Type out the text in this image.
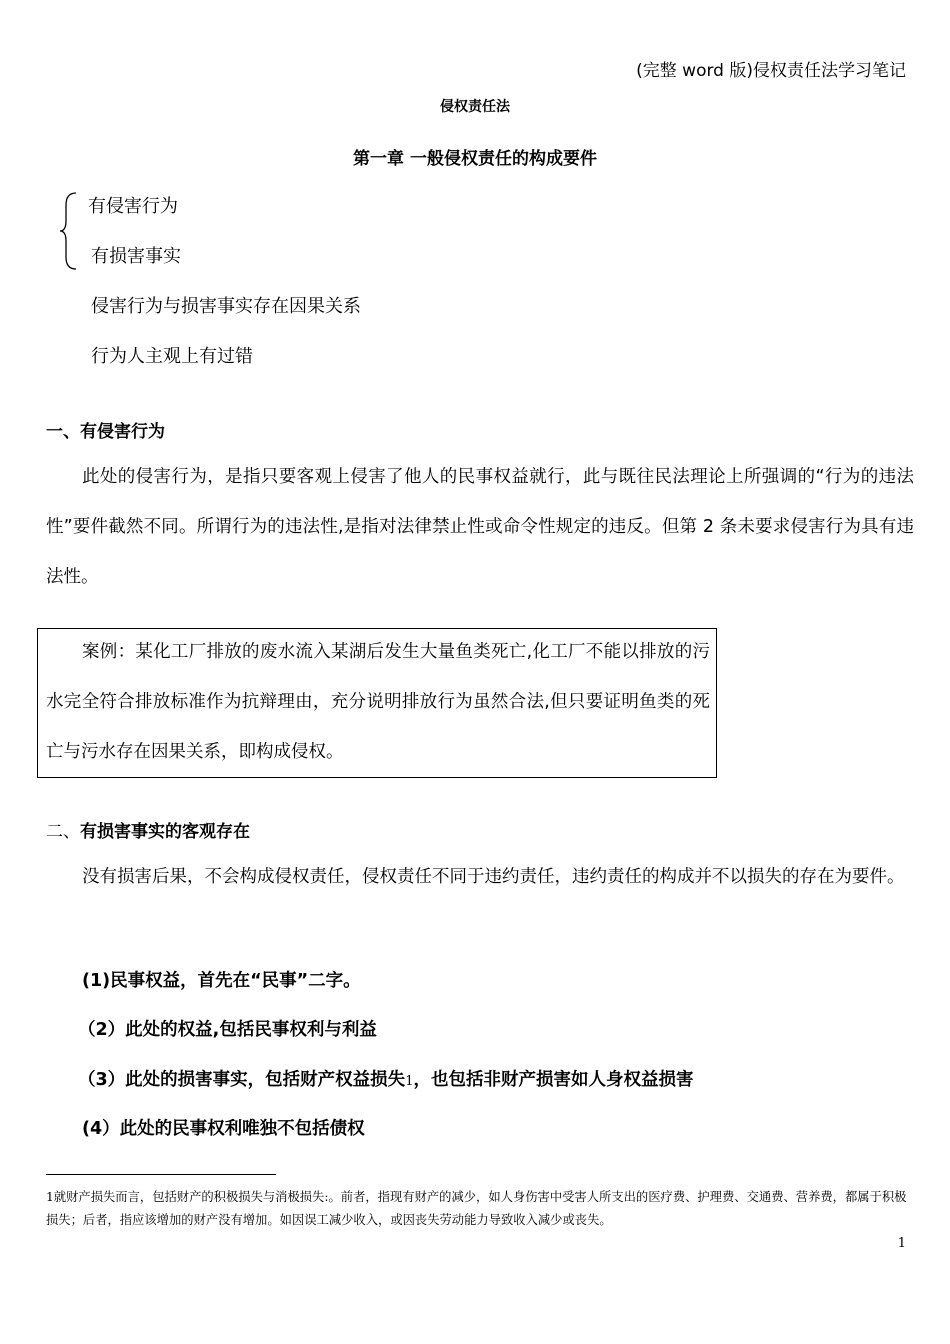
(完整 word 版)侵权责任法学习笔记
侵权责任法
第一章 一般侵权责任的构成要件
有侵害行为
有损害事实
侵害行为与损害事实存在因果关系
行为人主观上有过错
一、有侵害行为
此处的侵害行为，是指只要客观上侵害了他人的民事权益就行，此与既往民法理论上所强调的“行为的违法性”要件截然不同。所谓行为的违法性,是指对法律禁止性或命令性规定的违反。但第 2 条未要求侵害行为具有违法性。
案例：某化工厂排放的废水流入某湖后发生大量鱼类死亡,化工厂不能以排放的污水完全符合排放标准作为抗辩理由，充分说明排放行为虽然合法,但只要证明鱼类的死亡与污水存在因果关系，即构成侵权。
二、有损害事实的客观存在
没有损害后果，不会构成侵权责任，侵权责任不同于违约责任，违约责任的构成并不以损失的存在为要件。
(1)民事权益，首先在“民事”二字。
（2）此处的权益,包括民事权利与利益
（3）此处的损害事实，包括财产权益损失1，也包括非财产损害如人身权益损害
(4）此处的民事权利唯独不包括债权
1就财产损失而言，包括财产的积极损失与消极损失:。前者，指现有财产的减少，如人身伤害中受害人所支出的医疗费、护理费、交通费、营养费，都属于积极损失；后者，指应该增加的财产没有增加。如因误工减少收入，或因丧失劳动能力导致收入减少或丧失。
1
